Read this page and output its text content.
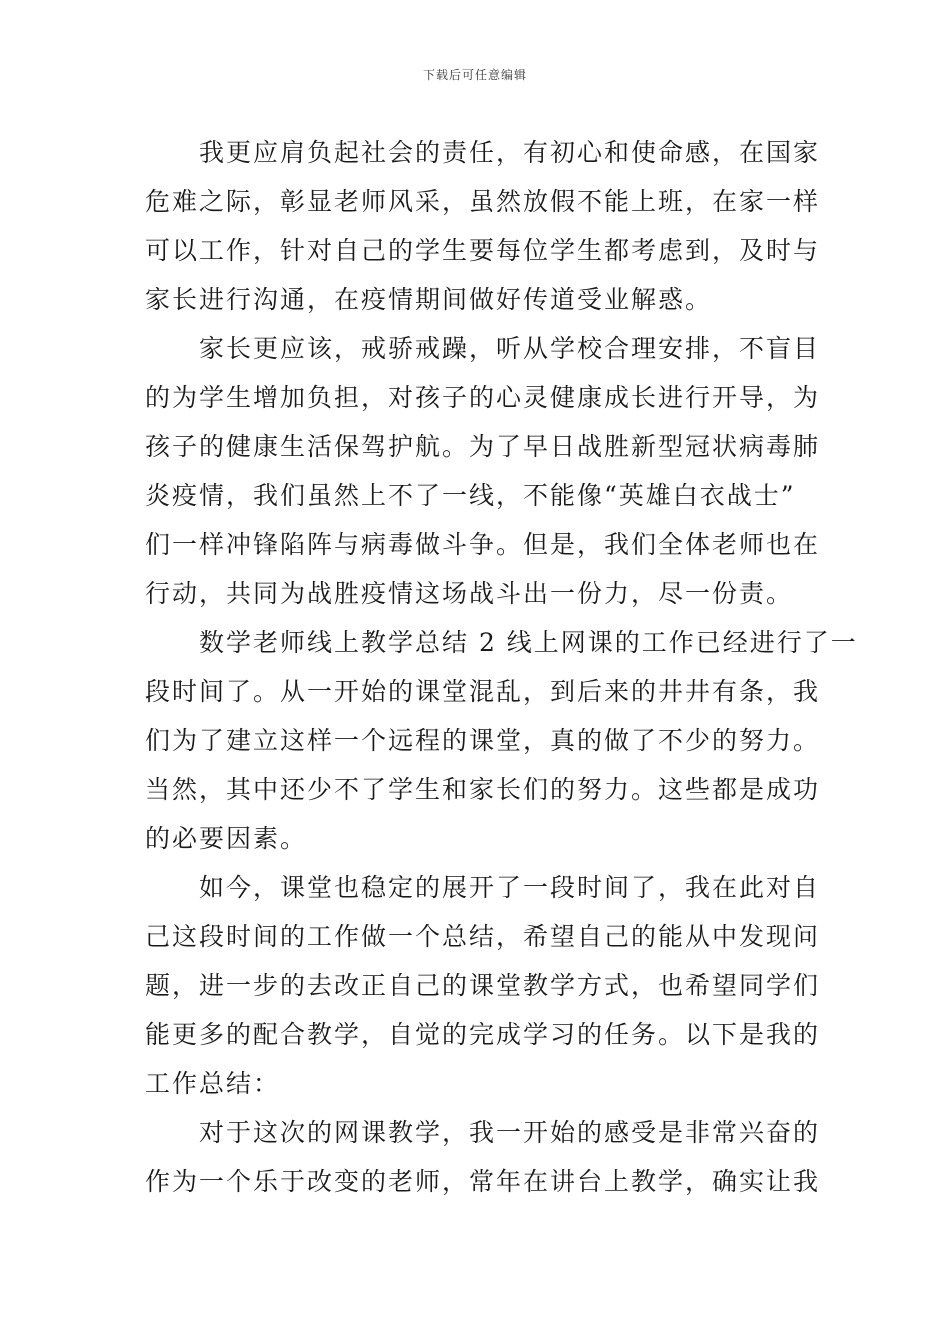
下载后可任意编辑
我更应肩负起社会的责任，有初心和使命感，在国家
危难之际，彰显老师风采，虽然放假不能上班，在家一样
可以工作，针对自己的学生要每位学生都考虑到，及时与
家长进行沟通，在疫情期间做好传道受业解惑。
家长更应该，戒骄戒躁，听从学校合理安排，不盲目
的为学生增加负担，对孩子的心灵健康成长进行开导，为
孩子的健康生活保驾护航。为了早日战胜新型冠状病毒肺
炎疫情，我们虽然上不了一线，不能像“英雄白衣战士”
们一样冲锋陷阵与病毒做斗争。但是，我们全体老师也在
行动，共同为战胜疫情这场战斗出一份力，尽一份责。
数学老师线上教学总结 2 线上网课的工作已经进行了一
段时间了。从一开始的课堂混乱，到后来的井井有条，我
们为了建立这样一个远程的课堂，真的做了不少的努力。
当然，其中还少不了学生和家长们的努力。这些都是成功
的必要因素。
如今，课堂也稳定的展开了一段时间了，我在此对自
己这段时间的工作做一个总结，希望自己的能从中发现问
题，进一步的去改正自己的课堂教学方式，也希望同学们
能更多的配合教学，自觉的完成学习的任务。以下是我的
工作总结：
对于这次的网课教学，我一开始的感受是非常兴奋的
作为一个乐于改变的老师，常年在讲台上教学，确实让我
